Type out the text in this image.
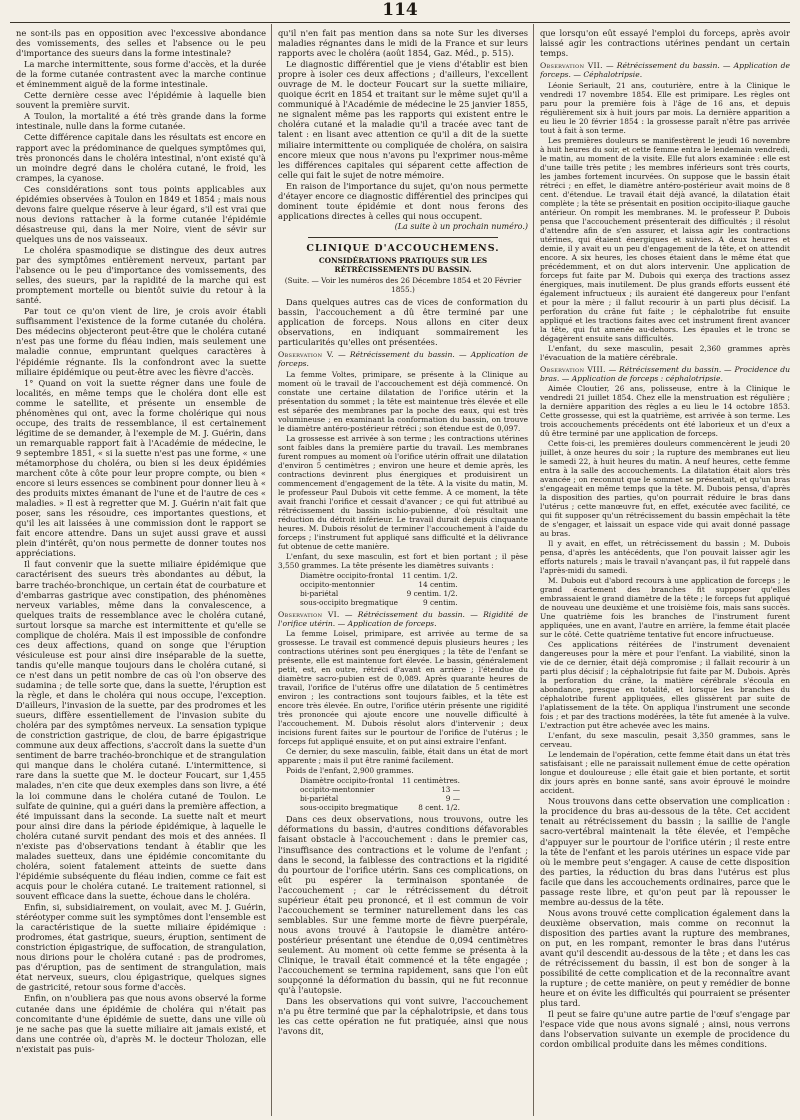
114

ne sont-ils pas en opposition avec l'excessive abondance des vomissements, des selles et l'absence ou le peu d'importance des sueurs dans la forme intestinale?

La marche intermittente, sous forme d'accès, et la durée de la forme cutanée contrastent avec la marche continue et éminemment aiguë de la forme intestinale.

Cette dernière cesse avec l'épidémie à laquelle bien souvent la première survit.

A Toulon, la mortalité a été très grande dans la forme intestinale, nulle dans la forme cutanée.

Cette différence capitale dans les résultats est encore en rapport avec la prédominance de quelques symptômes qui, très prononcés dans le choléra intestinal, n'ont existé qu'à un moindre degré dans le choléra cutané, le froid, les crampes, la cyanose.

Ces considérations sont tous points applicables aux épidémies observées à Toulon en 1849 et 1854 ; mais nous devons faire quelque réserve à leur égard, s'il est vrai que nous devions rattacher à la forme cutanée l'épidémie désastreuse qui, dans la mer Noire, vient de sévir sur quelques uns de nos vaisseaux.

Le choléra spasmodique se distingue des deux autres par des symptômes entièrement nerveux, partant par l'absence ou le peu d'importance des vomissements, des selles, des sueurs, par la rapidité de la marche qui est promptement mortelle ou bientôt suivie du retour à la santé.

Par tout ce qu'on vient de lire, je crois avoir établi suffisamment l'existence de la forme cutanée du choléra. Des médecins objecteront peut-être que le choléra cutané n'est pas une forme du fléau indien, mais seulement une maladie connue, empruntant quelques caractères à l'épidémie régnante. Ils la confondront avec la suette miliaire épidémique ou peut-être avec les fièvre d'accès.

1° Quand on voit la suette régner dans une foule de localités, en même temps que le choléra dont elle est comme le satellite, et présente un ensemble de phénomènes qui ont, avec la forme cholérique qui nous occupe, des traits de ressemblance, il est certainement légitime de se demander, à l'exemple de M. J. Guérin, dans un remarquable rapport fait à l'Académie de médecine, le 9 septembre 1851, « si la suette n'est pas une forme, « une métamorphose du choléra, ou bien si les deux épidémies marchent côte à côte pour leur propre compte, ou bien « encore si leurs essences se combinent pour donner lieu à « des produits mixtes émanant de l'une et de l'autre de ces « maladies. » Il est à regretter que M. J. Guérin n'ait fait que poser, sans les résoudre, ces importantes questions, et qu'il les ait laissées à une commission dont le rapport se fait encore attendre. Dans un sujet aussi grave et aussi plein d'intérêt, qu'on nous permette de donner toutes nos appréciations.

Il faut convenir que la suette miliaire épidémique que caractérisent des sueurs très abondantes au début, la barre trachéo-bronchique, un certain état de courbature et d'embarras gastrique avec constipation, des phénomènes nerveux variables, même dans la convalescence, a quelques traits de ressemblance avec le choléra cutané, surtout lorsque sa marche est intermittente et qu'elle se complique de choléra. Mais il est impossible de confondre ces deux affections, quand on songe que l'éruption vésiculeuse est pour ainsi dire inséparable de la suette, tandis qu'elle manque toujours dans le choléra cutané, si ce n'est dans un petit nombre de cas où l'on observe des sudamina ; de telle sorte que, dans la suette, l'éruption est la règle, et dans le choléra qui nous occupe, l'exception. D'ailleurs, l'invasion de la suette, par des prodromes et les sueurs, diffère essentiellement de l'invasion subite du choléra par des symptômes nerveux. La sensation typique de constriction gastrique, de clou, de barre épigastrique commune aux deux affections, s'accroît dans la suette d'un sentiment de barre trachéo-bronchique et de strangulation qui manque dans le choléra cutané. L'intermittence, si rare dans la suette que M. le docteur Foucart, sur 1,455 malades, n'en cite que deux exemples dans son livre, a été la loi commune dans le choléra cutané de Toulon. Le sulfate de quinine, qui a guéri dans la première affection, a été impuissant dans la seconde. La suette naît et meurt pour ainsi dire dans la période épidémique, à laquelle le choléra cutané survit pendant des mois et des années. Il n'existe pas d'observations tendant à établir que les malades suetteux, dans une épidémie concomitante du choléra, soient fatalement atteints de suette dans l'épidémie subséquente du fléau indien, comme ce fait est acquis pour le choléra cutané. Le traitement rationnel, si souvent efficace dans la suette, échoue dans le choléra.

Enfin, si, subsidiairement, on voulait, avec M. J. Guérin, stéréotyper comme suit les symptômes dont l'ensemble est la caractéristique de la suette miliaire épidémique : prodromes, état gastrique, sueurs, éruption, sentiment de constriction épigastrique, de suffocation, de strangulation, nous dirions pour le choléra cutané : pas de prodromes, pas d'éruption, pas de sentiment de strangulation, mais état nerveux, sueurs, clou épigastrique, quelques signes de gastricité, retour sous forme d'accès.

Enfin, on n'oubliera pas que nous avons observé la forme cutanée dans une épidémie de choléra qui n'était pas concomitante d'une épidémie de suette, dans une ville où je ne sache pas que la suette miliaire ait jamais existé, et dans une contrée où, d'après M. le docteur Tholozan, elle n'existait pas puis-

qu'il n'en fait pas mention dans sa note Sur les diverses maladies régnantes dans le midi de la France et sur leurs rapports avec le choléra (août 1854, Gaz. Méd., p. 515).

Le diagnostic différentiel que je viens d'établir est bien propre à isoler ces deux affections ; d'ailleurs, l'excellent ouvrage de M. le docteur Foucart sur la suette miliaire, quoique écrit en 1854 et traitant sur le même sujet qu'il a communiqué à l'Académie de médecine le 25 janvier 1855, ne signalent même pas les rapports qui existent entre le choléra cutané et la maladie qu'il a tracée avec tant de talent : en lisant avec attention ce qu'il a dit de la suette miliaire intermittente ou compliquée de choléra, on saisira encore mieux que nous n'avons pu l'exprimer nous-même les différences capitales qui séparent cette affection de celle qui fait le sujet de notre mémoire.

En raison de l'importance du sujet, qu'on nous permette d'étayer encore ce diagnostic différentiel des principes qui dominent toute épidémie et dont nous ferons des applications directes à celles qui nous occupent.

(La suite à un prochain numéro.)

CLINIQUE D'ACCOUCHEMENS.
CONSIDÉRATIONS PRATIQUES SUR LES RÉTRÉCISSEMENTS DU BASSIN.
(Suite. — Voir les numéros des 26 Décembre 1854 et 20 Février 1855.)

Dans quelques autres cas de vices de conformation du bassin, l'accouchement a dû être terminé par une application de forceps. Nous allons en citer deux observations, en indiquant sommairement les particularités qu'elles ont présentées.

Observation V. — Rétrécissement du bassin. — Application de forceps.

La femme Voltes, primipare, se présente à la Clinique au moment où le travail de l'accouchement est déjà commencé. On constate une certaine dilatation de l'orifice utérin et la présentation du sommet ; la tête est maintenue très élevée et elle est séparée des membranes par la poche des eaux, qui est très volumineuse ; en examinant la conformation du bassin, on trouve le diamètre antéro-postérieur rétréci ; son étendue est de 0,097.

La grossesse est arrivée à son terme ; les contractions utérines sont faibles dans la première partie du travail. Les membranes furent rompues au moment où l'orifice utérin offrait une dilatation d'environ 5 centimètres ; environ une heure et demie après, les contractions devinrent plus énergiques et produisirent un commencement d'engagement de la tête. A la visite du matin, M. le professeur Paul Dubois vit cette femme. A ce moment, la tête avait franchi l'orifice et cessait d'avancer ; ce qui fut attribué au rétrécissement du bassin ischio-pubienne, d'où résultait une réduction du détroit inférieur. Le travail durait depuis cinquante heures. M. Dubois résolut de terminer l'accouchement à l'aide du forceps ; l'instrument fut appliqué sans difficulté et la délivrance fut obtenue de cette manière.

L'enfant, du sexe masculin, est fort et bien portant ; il pèse 3,550 grammes. La tête présente les diamètres suivants :

Diamètre occipito-frontal	11 centim. 1/2.
occipito-mentonnier	14 centim.
bi-pariétal	9 centim. 1/2.
sous-occipito bregmatique	9 centim.
Observation VI. — Rétrécissement du bassin. — Rigidité de l'orifice utérin. — Application de forceps.

La femme Loisel, primipare, est arrivée au terme de sa grossesse. Le travail est commencé depuis plusieurs heures ; les contractions utérines sont peu énergiques ; la tête de l'enfant se présente, elle est maintenue fort élevée. Le bassin, généralement petit, est, en outre, rétréci d'avant en arrière ; l'étendue du diamètre sacro-pubien est de 0,089. Après quarante heures de travail, l'orifice de l'utérus offre une dilatation de 5 centimètres environ ; les contractions sont toujours faibles, et la tête est encore très élevée. En outre, l'orifice utérin présente une rigidité très prononcée qui ajoute encore une nouvelle difficulté à l'accouchement. M. Dubois résolut alors d'intervenir ; deux incisions furent faites sur le pourtour de l'orifice de l'utérus ; le forceps fut appliqué ensuite, et on put ainsi extraire l'enfant.

Ce dernier, du sexe masculin, faible, était dans un état de mort apparente ; mais il put être ranimé facilement.

Poids de l'enfant, 2,900 grammes.

Diamètre occipito-frontal	11 centimètres.
occipito-mentonnier	13 —
bi-pariétal	9 —
sous-occipito bregmatique	8 cent. 1/2.

Dans ces deux observations, nous trouvons, outre les déformations du bassin, d'autres conditions défavorables faisant obstacle à l'accouchement : dans le premier cas, l'insuffisance des contractions et le volume de l'enfant ; dans le second, la faiblesse des contractions et la rigidité du pourtour de l'orifice utérin. Sans ces complications, on eût pu espérer la terminaison spontanée de l'accouchement ; car le rétrécissement du détroit supérieur était peu prononcé, et il est commun de voir l'accouchement se terminer naturellement dans les cas semblables. Sur une femme morte de fièvre puerpérale, nous avons trouvé à l'autopsie le diamètre antéro-postérieur présentant une étendue de 0,094 centimètres seulement. Au moment où cette femme se présenta à la Clinique, le travail était commencé et la tête engagée ; l'accouchement se termina rapidement, sans que l'on eût soupçonné la déformation du bassin, qui ne fut reconnue qu'à l'autopsie.

Dans les observations qui vont suivre, l'accouchement n'a pu être terminé que par la céphalotripsie, et dans tous les cas cette opération ne fut pratiquée, ainsi que nous l'avons dit,

que lorsqu'on eût essayé l'emploi du forceps, après avoir laissé agir les contractions utérines pendant un certain temps.

Observation VII. — Rétrécissement du bassin. — Application de forceps. — Céphalotripsie.

Léonie Seriault, 21 ans, couturière, entre à la Clinique le vendredi 17 novembre 1854. Elle est primipare. Les règles ont paru pour la première fois à l'âge de 16 ans, et depuis régulièrement six à huit jours par mois. La dernière apparition a eu lieu le 20 février 1854 : la grossesse paraît n'être pas arrivée tout à fait à son terme.

Les premières douleurs se manifestèrent le jeudi 16 novembre à huit heures du soir, et cette femme entra le lendemain vendredi, le matin, au moment de la visite. Elle fut alors examinée : elle est d'une taille très petite ; les membres inférieurs sont très courts, les jambes fortement incurvées. On suppose que le bassin était rétréci ; en effet, le diamètre antéro-postérieur avait moins de 8 cent. d'étendue. Le travail était déjà avancé, la dilatation était complète ; la tête se présentait en position occipito-iliaque gauche antérieur. On rompit les membranes. M. le professeur P. Dubois pensa que l'accouchement présenterait des difficultés ; il résolut d'attendre afin de s'en assurer, et laissa agir les contractions utérines, qui étaient énergiques et suivies. A deux heures et demie, il y avait eu un peu d'engagement de la tête, et on attendit encore. A six heures, les choses étaient dans le même état que précédemment, et on dut alors intervenir. Une application de forceps fut faite par M. Dubois qui exerça des tractions assez énergiques, mais inutilement. De plus grands efforts eussent été également infructueux ; ils auraient été dangereux pour l'enfant et pour la mère ; il fallut recourir à un parti plus décisif. La perforation du crâne fut faite ; le céphalotribe fut ensuite appliqué et les tractions faites avec cet instrument firent avancer la tête, qui fut amenée au-dehors. Les épaules et le tronc se dégagèrent ensuite sans difficultés.

L'enfant, du sexe masculin, pesait 2,360 grammes après l'évacuation de la matière cérébrale.

Observation VIII. — Rétrécissement du bassin. — Procidence du bras. — Application de forceps : céphalotripsie.

Aimée Cloutier, 26 ans, polisseuse, entre à la Clinique le vendredi 21 juillet 1854. Chez elle la menstruation est régulière ; la dernière apparition des règles a eu lieu le 14 octobre 1853. Cette grossesse, qui est la quatrième, est arrivée à son terme. Les trois accouchements précédents ont été laborieux et un d'eux a dû être terminé par une application de forceps.

Cette fois-ci, les premières douleurs commencèrent le jeudi 20 juillet, à onze heures du soir ; la rupture des membranes eut lieu le samedi 22, à huit heures du matin. A neuf heures, cette femme entra à la salle des accouchements. La dilatation était alors très avancée ; on reconnut que le sommet se présentait, et qu'un bras s'engageait en même temps que la tête. M. Dubois pensa, d'après la disposition des parties, qu'on pourrait réduire le bras dans l'utérus ; cette manœuvre fut, en effet, exécutée avec facilité, ce qui fit supposer qu'un rétrécissement du bassin empêchait la tête de s'engager, et laissait un espace vide qui avait donné passage au bras.

Il y avait, en effet, un rétrécissement du bassin ; M. Dubois pensa, d'après les antécédents, que l'on pouvait laisser agir les efforts naturels ; mais le travail n'avançant pas, il fut rappelé dans l'après-midi du samedi.

M. Dubois eut d'abord recours à une application de forceps ; le grand écartement des branches fit supposer qu'elles embrassaient le grand diamètre de la tête ; le forceps fut appliqué de nouveau une deuxième et une troisième fois, mais sans succès. Une quatrième fois les branches de l'instrument furent appliquées, une en avant, l'autre en arrière, la femme était placée sur le côté. Cette quatrième tentative fut encore infructueuse.

Ces applications réitérées de l'instrument devenaient dangereuses pour la mère et pour l'enfant. La viabilité, sinon la vie de ce dernier, était déjà compromise ; il fallait recourir à un parti plus décisif ; la céphalotripsie fut faite par M. Dubois. Après la perforation du crâne, la matière cérébrale s'écoula en abondance, presque en totalité, et lorsque les branches du céphalotribe furent appliquées, elles glissèrent par suite de l'aplatissement de la tête. On appliqua l'instrument une seconde fois ; et par des tractions modérées, la tête fut amenée à la vulve. L'extraction put être achevée avec les mains.

L'enfant, du sexe masculin, pesait 3,350 grammes, sans le cerveau.

Le lendemain de l'opération, cette femme était dans un état très satisfaisant ; elle ne paraissait nullement émue de cette opération longue et douloureuse ; elle était gaie et bien portante, et sortit dix jours après en bonne santé, sans avoir éprouvé le moindre accident.

Nous trouvons dans cette observation une complication : la procidence du bras au-dessous de la tête. Cet accident tenait au rétrécissement du bassin ; la saillie de l'angle sacro-vertébral maintenait la tête élevée, et l'empêche d'appuyer sur le pourtour de l'orifice utérin ; il reste entre la tête de l'enfant et les parois utérines un espace vide par où le membre peut s'engager. A cause de cette disposition des parties, la réduction du bras dans l'utérus est plus facile que dans les accouchements ordinaires, parce que le passage reste libre, et qu'on peut par là repousser le membre au-dessus de la tête.

Nous avons trouvé cette complication également dans la deuxième observation, mais comme on reconnut la disposition des parties avant la rupture des membranes, on put, en les rompant, remonter le bras dans l'utérus avant qu'il descendit au-dessous de la tête ; et dans les cas de rétrécissement du bassin, il est bon de songer à la possibilité de cette complication et de la reconnaître avant la rupture ; de cette manière, on peut y remédier de bonne heure et on évite les difficultés qui pourraient se présenter plus tard.

Il peut se faire qu'une autre partie de l'œuf s'engage par l'espace vide que nous avons signalé ; ainsi, nous verrons dans l'observation suivante un exemple de procidence du cordon ombilical produite dans les mêmes conditions.
